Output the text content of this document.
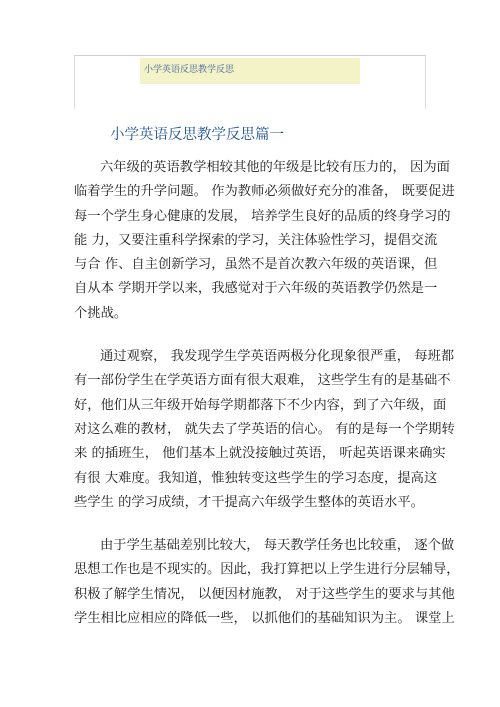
小学英语反思教学反思
小学英语反思教学反思篇一

六年级的英语教学相较其他的年级是比较有压力的， 因为面
临着学生的升学问题。 作为教师必须做好充分的准备， 既要促进
每一个学生身心健康的发展， 培养学生良好的品质的终身学习的
能 力，又要注重科学探索的学习，关注体验性学习，提倡交流
与合 作、自主创新学习，虽然不是首次教六年级的英语课，但
自从本 学期开学以来，我感觉对于六年级的英语教学仍然是一
个挑战。

通过观察， 我发现学生学英语两极分化现象很严重， 每班都
有一部份学生在学英语方面有很大艰难， 这些学生有的是基础不
好，他们从三年级开始每学期都落下不少内容，到了六年级，面
对这么难的教材， 就失去了学英语的信心。 有的是每一个学期转
来 的插班生， 他们基本上就没接触过英语， 听起英语课来确实
有很 大难度。我知道，惟独转变这些学生的学习态度，提高这
些学生 的学习成绩，才干提高六年级学生整体的英语水平。

由于学生基础差别比较大， 每天教学任务也比较重， 逐个做
思想工作也是不现实的。因此，我打算把以上学生进行分层辅导，
积极了解学生情况， 以便因材施教， 对于这些学生的要求与其他
学生相比应相应的降低一些， 以抓他们的基础知识为主。 课堂上
